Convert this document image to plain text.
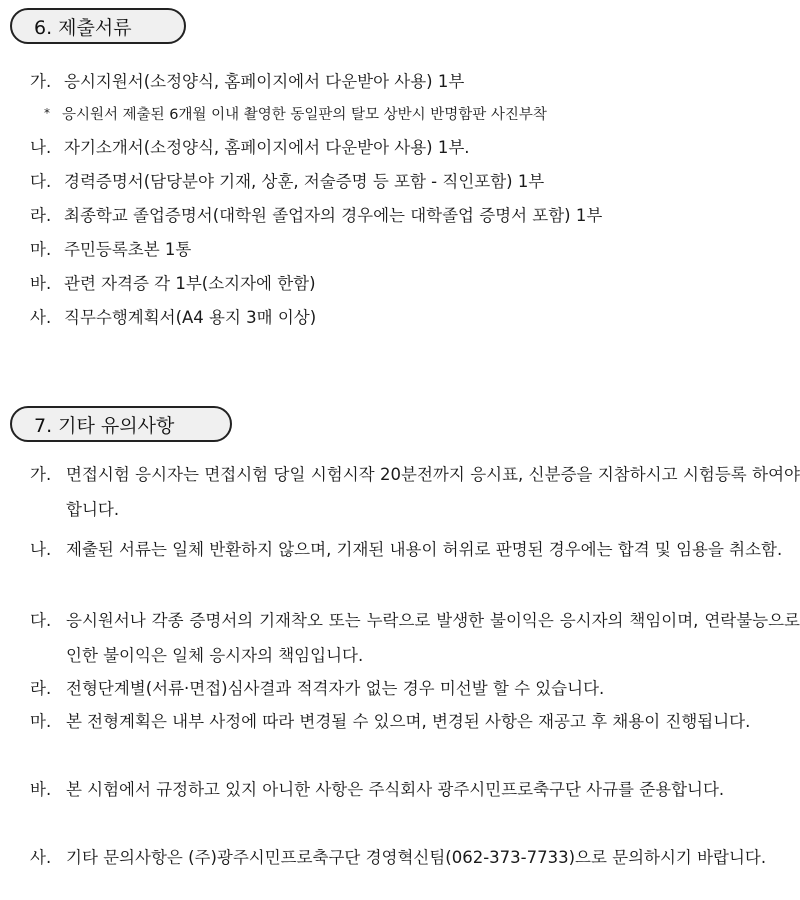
6. 제출서류
가. 응시지원서(소정양식, 홈페이지에서 다운받아 사용) 1부
* 응시원서 제출된 6개월 이내 촬영한 동일판의 탈모 상반시 반명함판 사진부착
나. 자기소개서(소정양식, 홈페이지에서 다운받아 사용) 1부.
다. 경력증명서(담당분야 기재, 상훈, 저술증명 등 포함 - 직인포함) 1부
라. 최종학교 졸업증명서(대학원 졸업자의 경우에는 대학졸업 증명서 포함) 1부
마. 주민등록초본 1통
바. 관련 자격증 각 1부(소지자에 한함)
사. 직무수행계획서(A4 용지 3매 이상)
7. 기타 유의사항
가. 면접시험 응시자는 면접시험 당일 시험시작 20분전까지 응시표, 신분증을 지참하시고 시험등록 하여야 합니다.
나. 제출된 서류는 일체 반환하지 않으며, 기재된 내용이 허위로 판명된 경우에는 합격 및 임용을 취소함.
다. 응시원서나 각종 증명서의 기재착오 또는 누락으로 발생한 불이익은 응시자의 책임이며, 연락불능으로 인한 불이익은 일체 응시자의 책임입니다.
라. 전형단계별(서류·면접)심사결과 적격자가 없는 경우 미선발 할 수 있습니다.
마. 본 전형계획은 내부 사정에 따라 변경될 수 있으며, 변경된 사항은 재공고 후 채용이 진행됩니다.
바. 본 시험에서 규정하고 있지 아니한 사항은 주식회사 광주시민프로축구단 사규를 준용합니다.
사. 기타 문의사항은 (주)광주시민프로축구단 경영혁신팀(062-373-7733)으로 문의하시기 바랍니다.
